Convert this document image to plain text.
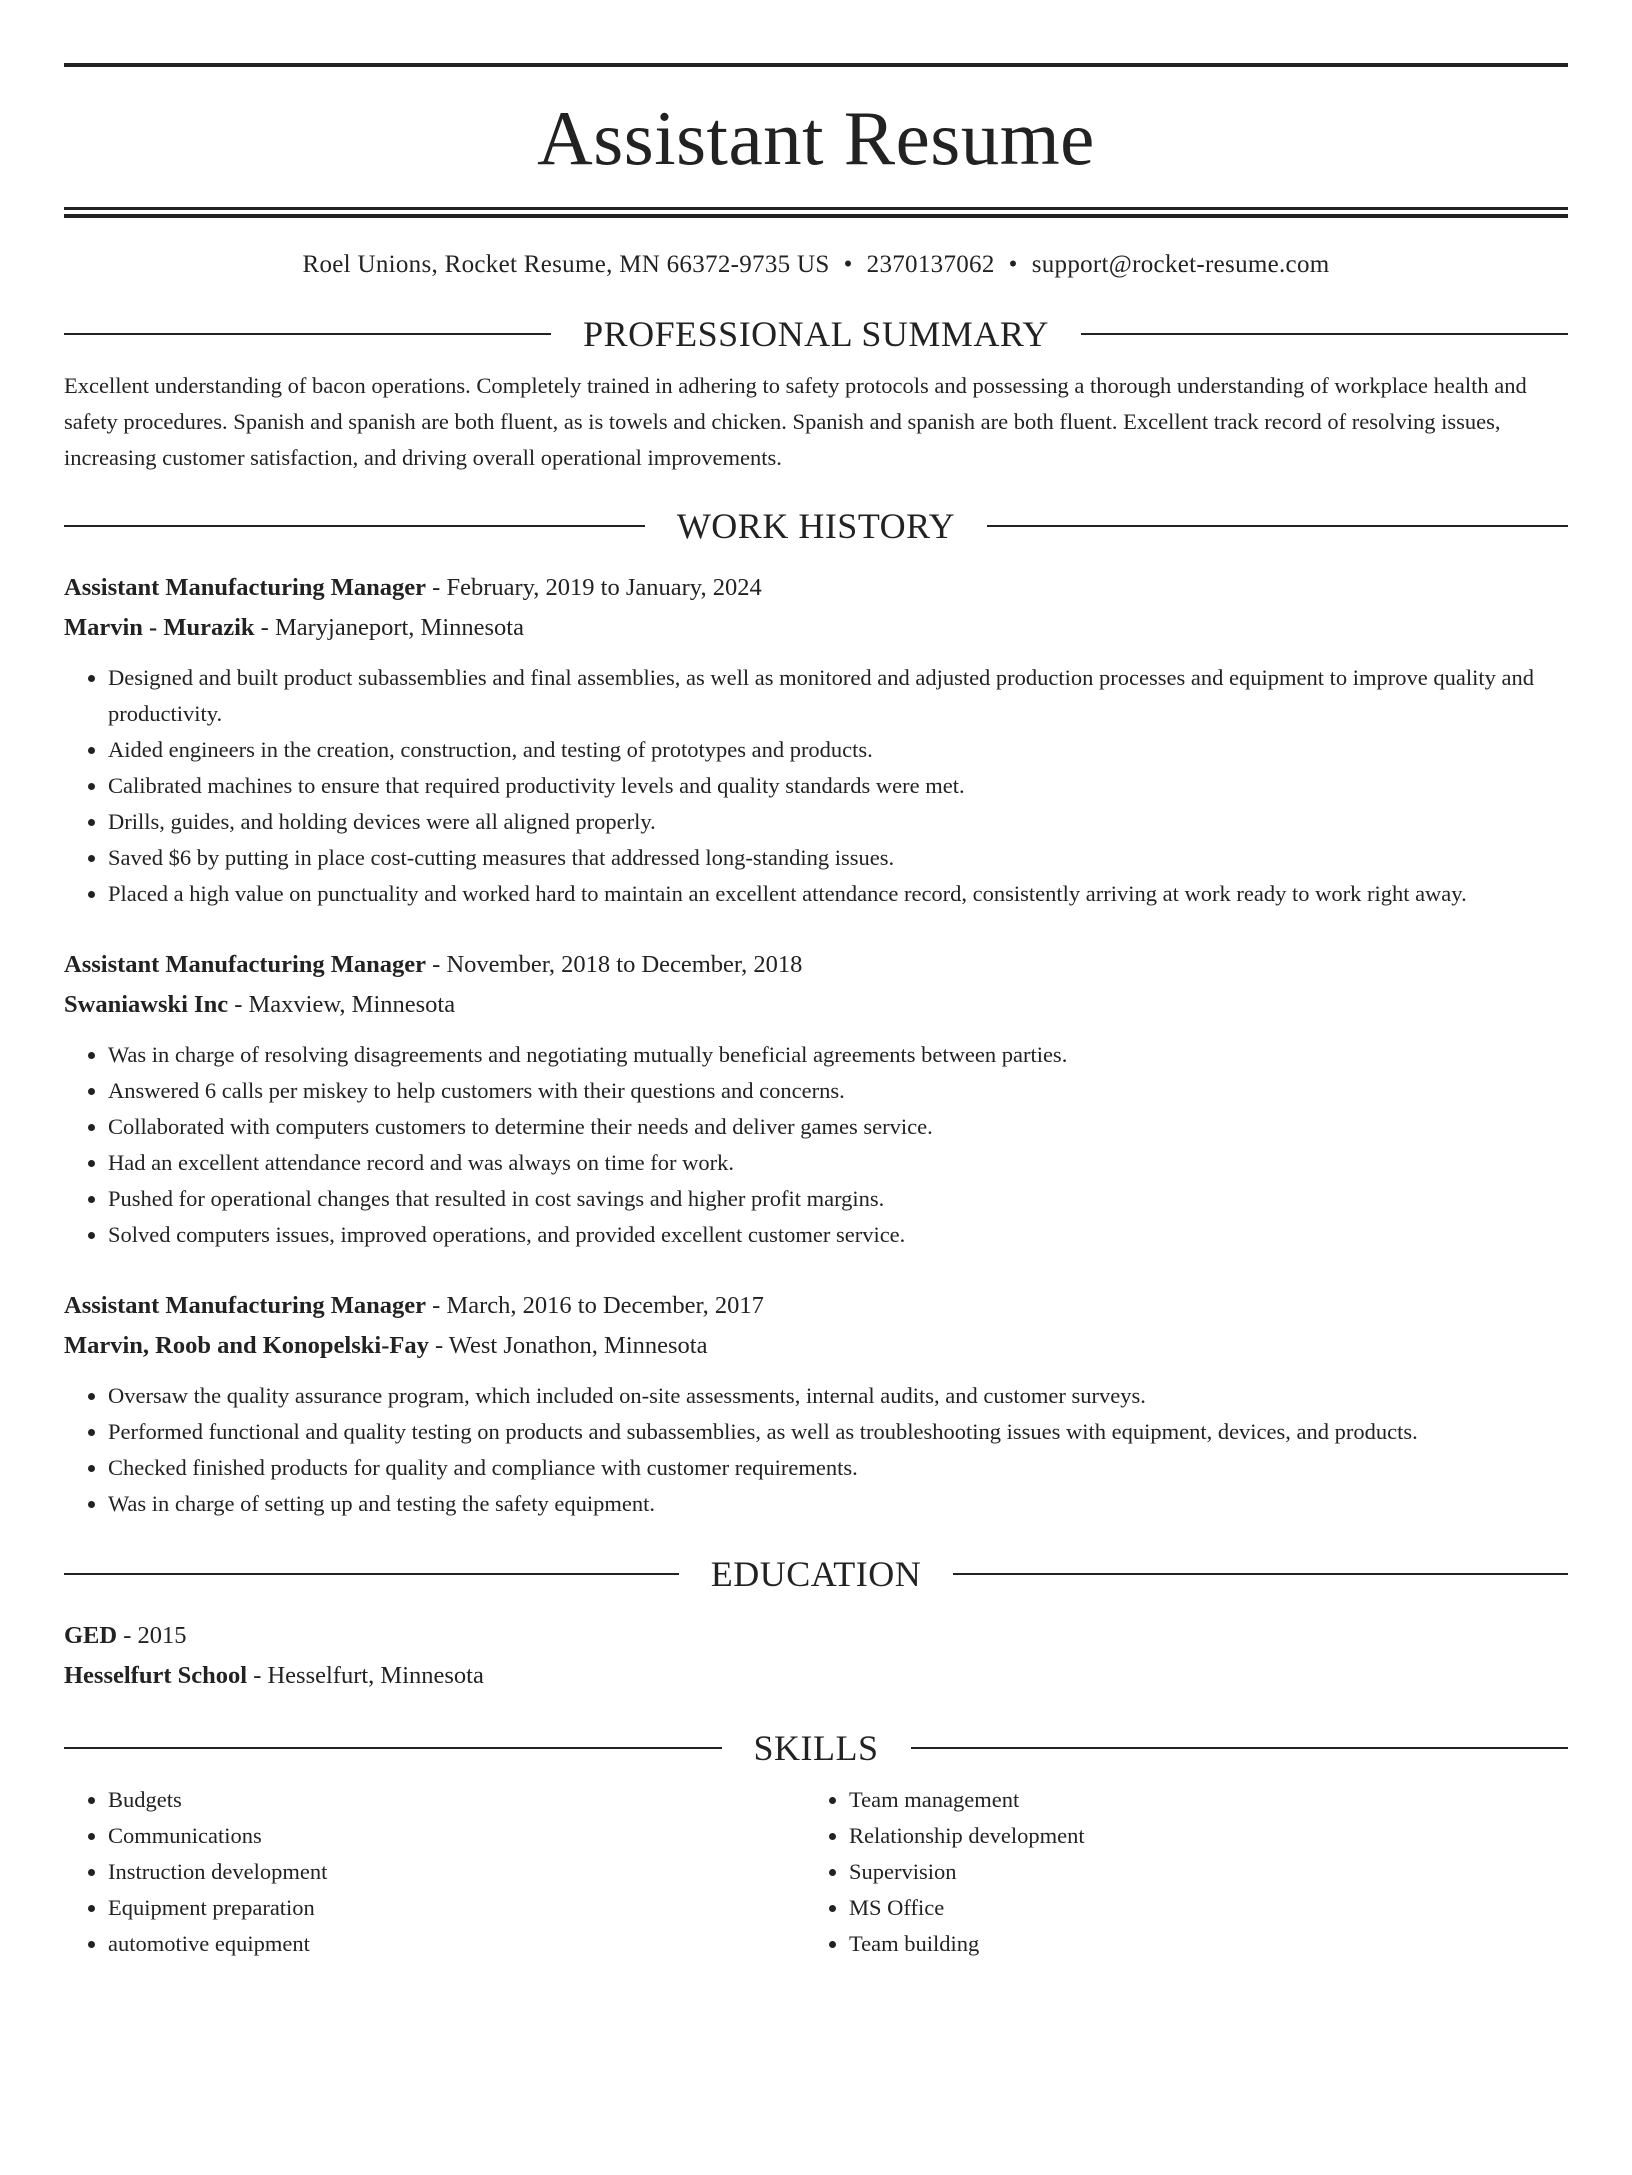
Assistant Resume
Roel Unions, Rocket Resume, MN 66372-9735 US • 2370137062 • support@rocket-resume.com
PROFESSIONAL SUMMARY
Excellent understanding of bacon operations. Completely trained in adhering to safety protocols and possessing a thorough understanding of workplace health and safety procedures. Spanish and spanish are both fluent, as is towels and chicken. Spanish and spanish are both fluent. Excellent track record of resolving issues, increasing customer satisfaction, and driving overall operational improvements.
WORK HISTORY
Assistant Manufacturing Manager - February, 2019 to January, 2024
Marvin - Murazik - Maryjaneport, Minnesota
• Designed and built product subassemblies and final assemblies, as well as monitored and adjusted production processes and equipment to improve quality and productivity.
• Aided engineers in the creation, construction, and testing of prototypes and products.
• Calibrated machines to ensure that required productivity levels and quality standards were met.
• Drills, guides, and holding devices were all aligned properly.
• Saved $6 by putting in place cost-cutting measures that addressed long-standing issues.
• Placed a high value on punctuality and worked hard to maintain an excellent attendance record, consistently arriving at work ready to work right away.
Assistant Manufacturing Manager - November, 2018 to December, 2018
Swaniawski Inc - Maxview, Minnesota
• Was in charge of resolving disagreements and negotiating mutually beneficial agreements between parties.
• Answered 6 calls per miskey to help customers with their questions and concerns.
• Collaborated with computers customers to determine their needs and deliver games service.
• Had an excellent attendance record and was always on time for work.
• Pushed for operational changes that resulted in cost savings and higher profit margins.
• Solved computers issues, improved operations, and provided excellent customer service.
Assistant Manufacturing Manager - March, 2016 to December, 2017
Marvin, Roob and Konopelski-Fay - West Jonathon, Minnesota
• Oversaw the quality assurance program, which included on-site assessments, internal audits, and customer surveys.
• Performed functional and quality testing on products and subassemblies, as well as troubleshooting issues with equipment, devices, and products.
• Checked finished products for quality and compliance with customer requirements.
• Was in charge of setting up and testing the safety equipment.
EDUCATION
GED - 2015
Hesselfurt School - Hesselfurt, Minnesota
SKILLS
• Budgets
• Communications
• Instruction development
• Equipment preparation
• automotive equipment
• Team management
• Relationship development
• Supervision
• MS Office
• Team building
